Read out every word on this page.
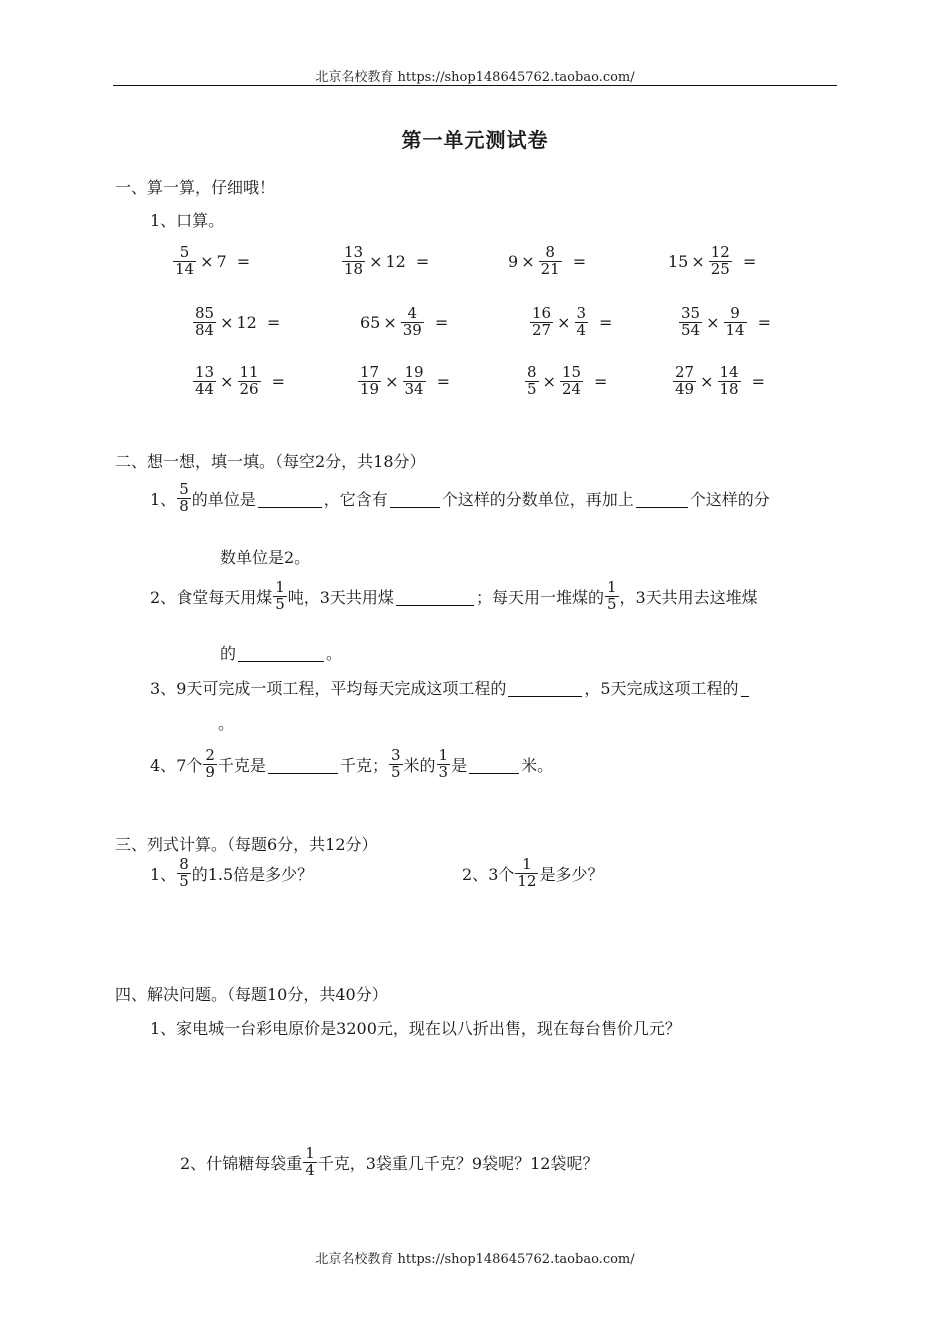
北京名校教育 https://shop148645762.taobao.com/
北京名校教育 https://shop148645762.taobao.com/
第一单元测试卷
一、算一算，仔细哦！
1、口算。
$\frac{5}{14} \times 7$ =	$\frac{13}{18} \times 12$ =	$9 \times \frac{8}{21}$ =	$15 \times \frac{12}{25}$ =
$\frac{85}{84} \times 12$ =	$65 \times \frac{4}{39}$ =	$\frac{16}{27} \times \frac{3}{4}$ =	$\frac{35}{54} \times \frac{9}{14}$ =
$\frac{13}{44} \times \frac{11}{26}$ =	$\frac{17}{19} \times \frac{19}{34}$ =	$\frac{8}{5} \times \frac{15}{24}$ =	$\frac{27}{49} \times \frac{14}{18}$ =
二、想一想，填一填。（每空2分，共18分）
1、 $\frac{5}{8}$ 的单位是	，它含有	个这样的分数单位，再加上	个这样的分
数单位是2。
2、 食堂每天用煤 $\frac{1}{5}$ 吨，3天共用煤	；每天用一堆煤的 $\frac{1}{5}$ ，3天共用去这堆煤
的	。
3、 9天可完成一项工程，平均每天完成这项工程的	，5天完成这项工程的
。
4、 7个 $\frac{2}{9}$ 千克是	千克； $\frac{3}{5}$ 米的 $\frac{1}{3}$ 是	米。
三、列式计算。（每题6分，共12分）
1、 $\frac{8}{5}$ 的1.5倍是多少？	2、 3个 $\frac{1}{12}$ 是多少？
四、解决问题。（每题10分，共40分）
1、家电城一台彩电原价是3200元，现在以八折出售，现在每台售价几元？
2、 什锦糖每袋重 $\frac{1}{4}$ 千克，3袋重几千克？9袋呢？12袋呢？
